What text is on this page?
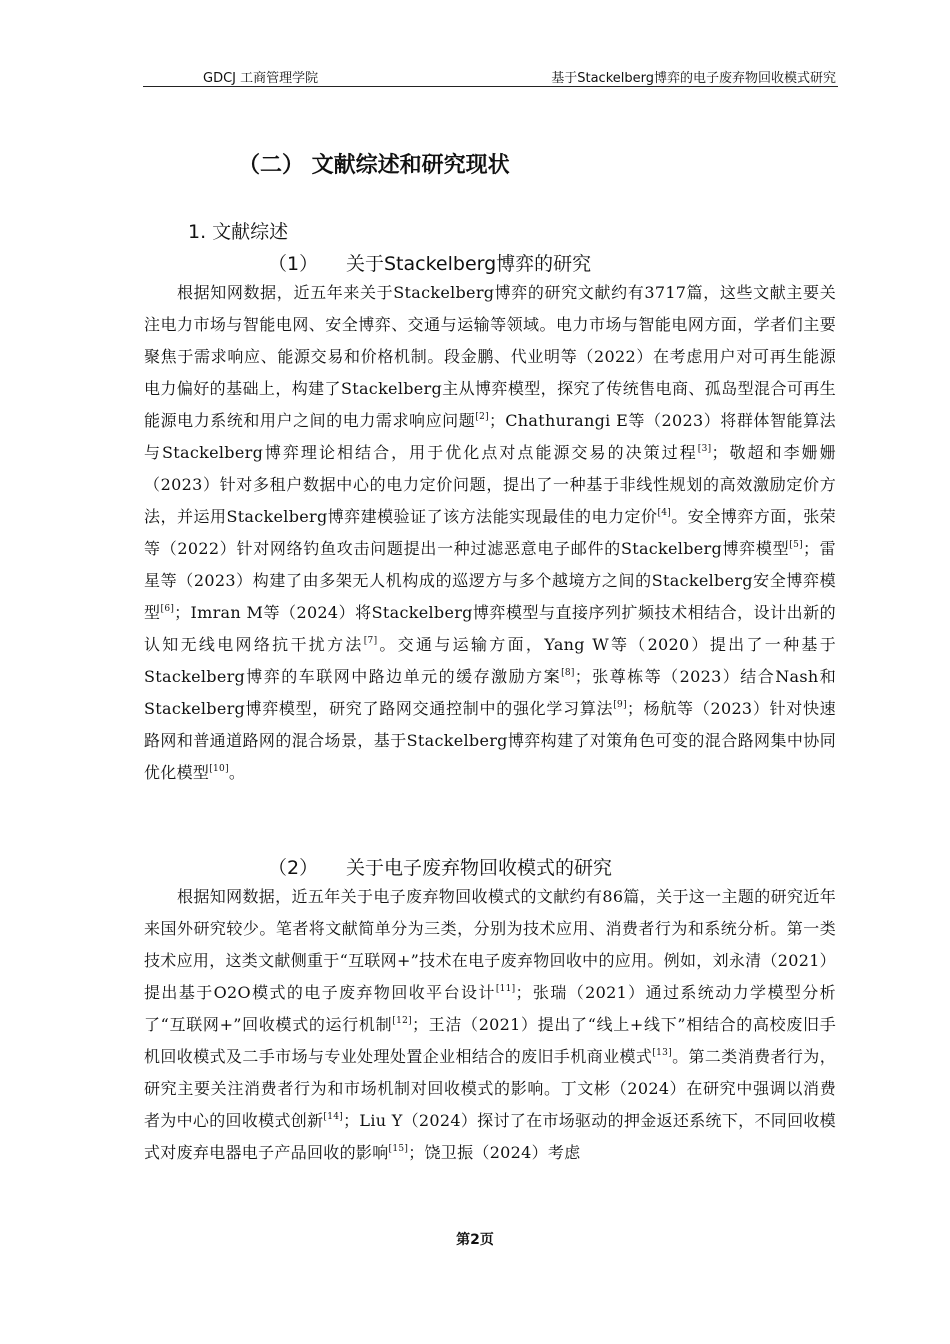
GDCJ 工商管理学院	基于Stackelberg博弈的电子废弃物回收模式研究
（二） 文献综述和研究现状
1. 文献综述
（1） 关于Stackelberg博弈的研究
根据知网数据，近五年来关于Stackelberg博弈的研究文献约有3717篇，这些文献主要关注电力市场与智能电网、安全博弈、交通与运输等领域。电力市场与智能电网方面，学者们主要聚焦于需求响应、能源交易和价格机制。段金鹏、代业明等（2022）在考虑用户对可再生能源电力偏好的基础上，构建了Stackelberg主从博弈模型，探究了传统售电商、孤岛型混合可再生能源电力系统和用户之间的电力需求响应问题[2]；Chathurangi E等（2023）将群体智能算法与Stackelberg博弈理论相结合，用于优化点对点能源交易的决策过程[3]；敬超和李姗姗（2023）针对多租户数据中心的电力定价问题，提出了一种基于非线性规划的高效激励定价方法，并运用Stackelberg博弈建模验证了该方法能实现最佳的电力定价[4]。安全博弈方面，张荣等（2022）针对网络钓鱼攻击问题提出一种过滤恶意电子邮件的Stackelberg博弈模型[5]；雷星等（2023）构建了由多架无人机构成的巡逻方与多个越境方之间的Stackelberg安全博弈模型[6]；Imran M等（2024）将Stackelberg博弈模型与直接序列扩频技术相结合，设计出新的认知无线电网络抗干扰方法[7]。交通与运输方面，Yang W等（2020）提出了一种基于Stackelberg博弈的车联网中路边单元的缓存激励方案[8]；张尊栋等（2023）结合Nash和Stackelberg博弈模型，研究了路网交通控制中的强化学习算法[9]；杨航等（2023）针对快速路网和普通道路网的混合场景，基于Stackelberg博弈构建了对策角色可变的混合路网集中协同优化模型[10]。
（2） 关于电子废弃物回收模式的研究
根据知网数据，近五年关于电子废弃物回收模式的文献约有86篇，关于这一主题的研究近年来国外研究较少。笔者将文献简单分为三类，分别为技术应用、消费者行为和系统分析。第一类技术应用，这类文献侧重于“互联网+”技术在电子废弃物回收中的应用。例如，刘永清（2021）提出基于O2O模式的电子废弃物回收平台设计[11]；张瑞（2021）通过系统动力学模型分析了“互联网+”回收模式的运行机制[12]；王洁（2021）提出了“线上+线下”相结合的高校废旧手机回收模式及二手市场与专业处理处置企业相结合的废旧手机商业模式[13]。第二类消费者行为，研究主要关注消费者行为和市场机制对回收模式的影响。丁文彬（2024）在研究中强调以消费者为中心的回收模式创新[14]；Liu Y（2024）探讨了在市场驱动的押金返还系统下，不同回收模式对废弃电器电子产品回收的影响[15]；饶卫振（2024）考虑
第2页
